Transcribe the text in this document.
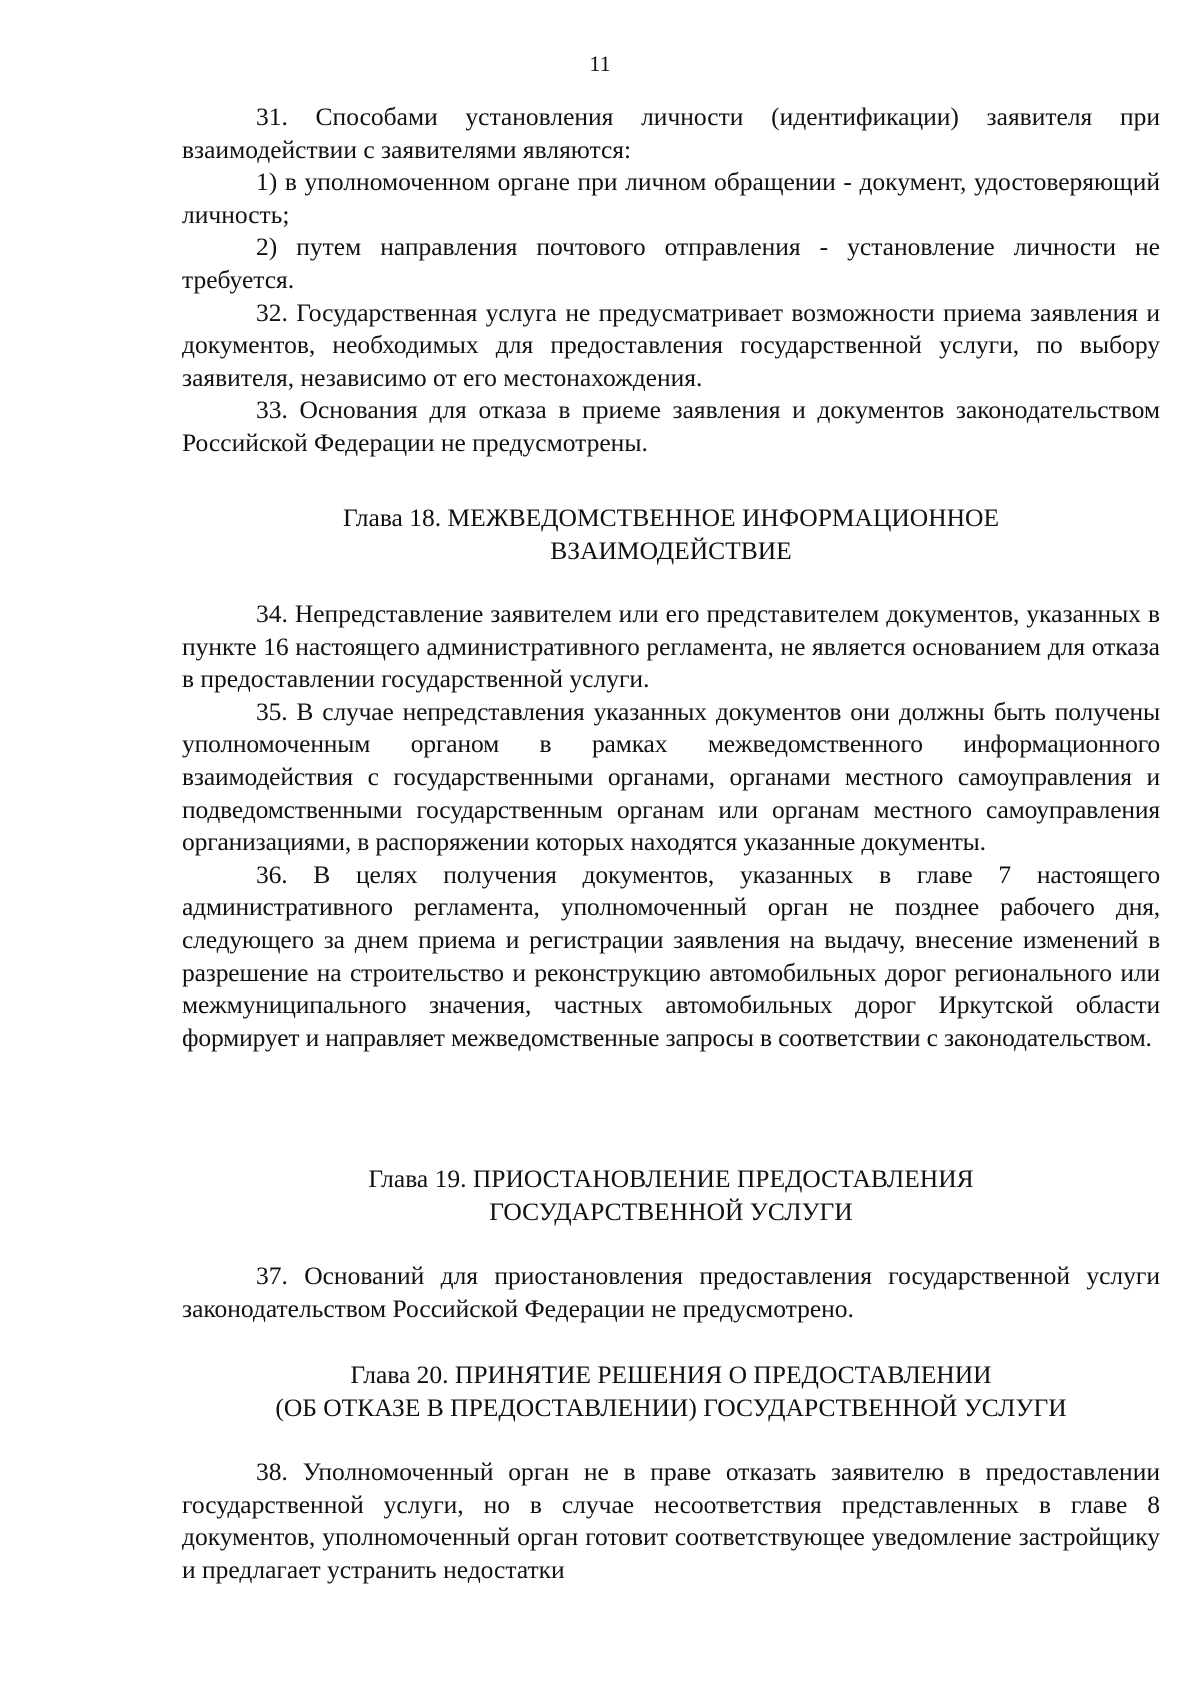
11

31. Способами установления личности (идентификации) заявителя при взаимодействии с заявителями являются:

1) в уполномоченном органе при личном обращении - документ, удостоверяющий личность;

2) путем направления почтового отправления - установление личности не требуется.

32. Государственная услуга не предусматривает возможности приема заявления и документов, необходимых для предоставления государственной услуги, по выбору заявителя, независимо от его местонахождения.

33. Основания для отказа в приеме заявления и документов законодательством Российской Федерации не предусмотрены.

Глава 18. МЕЖВЕДОМСТВЕННОЕ ИНФОРМАЦИОННОЕ
ВЗАИМОДЕЙСТВИЕ

34. Непредставление заявителем или его представителем документов, указанных в пункте 16 настоящего административного регламента, не является основанием для отказа в предоставлении государственной услуги.

35. В случае непредставления указанных документов они должны быть получены уполномоченным органом в рамках межведомственного информационного взаимодействия с государственными органами, органами местного самоуправления и подведомственными государственным органам или органам местного самоуправления организациями, в распоряжении которых находятся указанные документы.

36. В целях получения документов, указанных в главе 7 настоящего административного регламента, уполномоченный орган не позднее рабочего дня, следующего за днем приема и регистрации заявления на выдачу, внесение изменений в разрешение на строительство и реконструкцию автомобильных дорог регионального или межмуниципального значения, частных автомобильных дорог Иркутской области формирует и направляет межведомственные запросы в соответствии с законодательством.

Глава 19. ПРИОСТАНОВЛЕНИЕ ПРЕДОСТАВЛЕНИЯ
ГОСУДАРСТВЕННОЙ УСЛУГИ

37. Оснований для приостановления предоставления государственной услуги законодательством Российской Федерации не предусмотрено.

Глава 20. ПРИНЯТИЕ РЕШЕНИЯ О ПРЕДОСТАВЛЕНИИ
(ОБ ОТКАЗЕ В ПРЕДОСТАВЛЕНИИ) ГОСУДАРСТВЕННОЙ УСЛУГИ

38. Уполномоченный орган не в праве отказать заявителю в предоставлении государственной услуги, но в случае несоответствия представленных в главе 8 документов, уполномоченный орган готовит соответствующее уведомление застройщику и предлагает устранить недостатки
